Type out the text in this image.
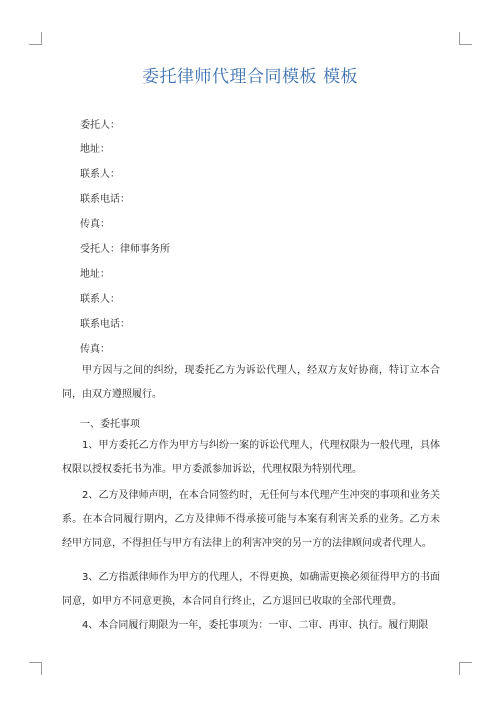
委托律师代理合同模板 模板
委托人：
地址：
联系人：
联系电话：
传真：
受托人：律师事务所
地址：
联系人：
联系电话：
传真：

甲方因与之间的纠纷，现委托乙方为诉讼代理人，经双方友好协商，特订立本合同，由双方遵照履行。

一、委托事项

1、甲方委托乙方作为甲方与纠纷一案的诉讼代理人，代理权限为一般代理，具体权限以授权委托书为准。甲方委派参加诉讼，代理权限为特别代理。

2、乙方及律师声明，在本合同签约时，无任何与本代理产生冲突的事项和业务关系。在本合同履行期内，乙方及律师不得承接可能与本案有利害关系的业务。乙方未经甲方同意，不得担任与甲方有法律上的利害冲突的另一方的法律顾问或者代理人。

3、乙方指派律师作为甲方的代理人，不得更换，如确需更换必须征得甲方的书面同意，如甲方不同意更换，本合同自行终止，乙方退回已收取的全部代理费。

4、本合同履行期限为一年，委托事项为：一审、二审、再审、执行。履行期限
